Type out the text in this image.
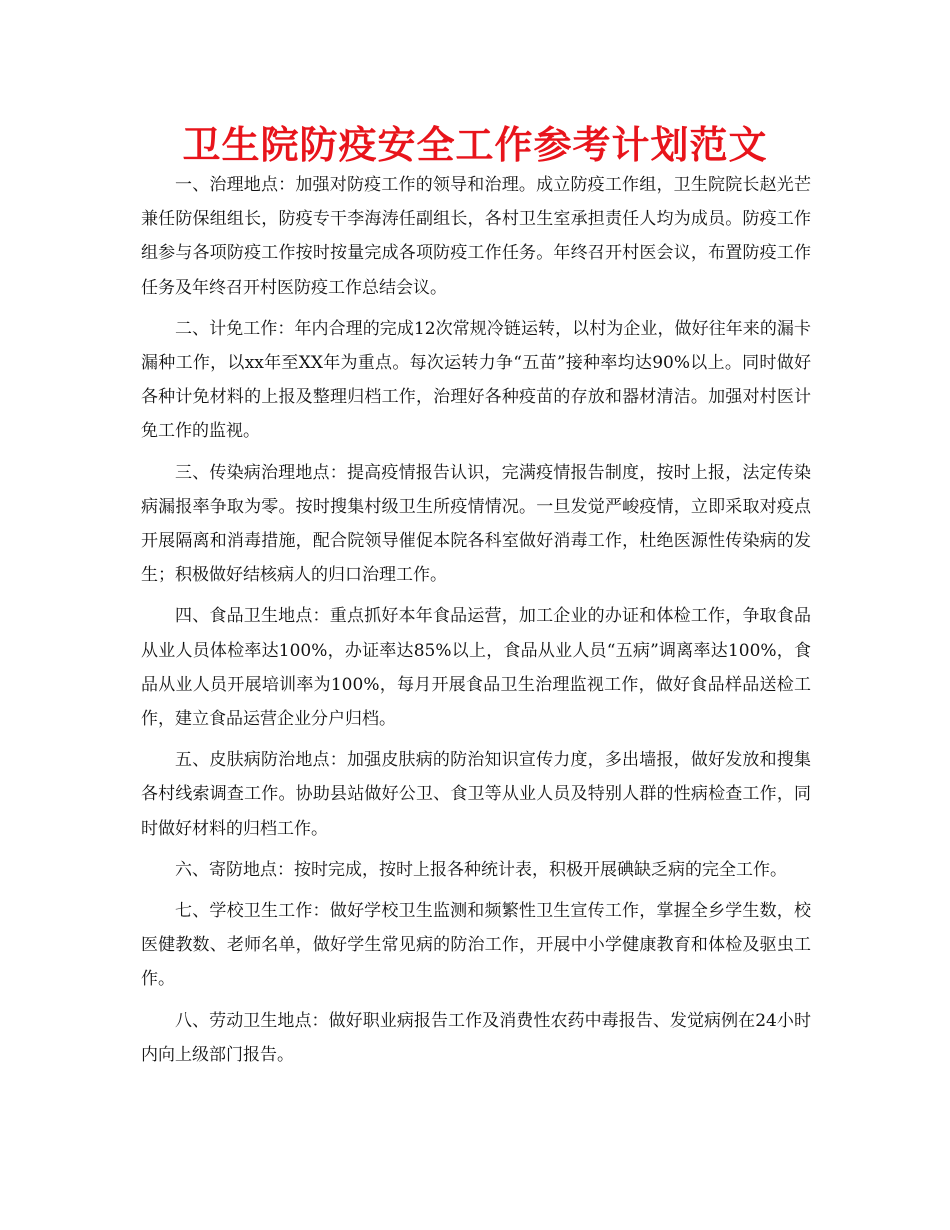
卫生院防疫安全工作参考计划范文

一、治理地点：加强对防疫工作的领导和治理。成立防疫工作组，卫生院院长赵光芒兼任防保组组长，防疫专干李海涛任副组长，各村卫生室承担责任人均为成员。防疫工作组参与各项防疫工作按时按量完成各项防疫工作任务。年终召开村医会议，布置防疫工作任务及年终召开村医防疫工作总结会议。

二、计免工作：年内合理的完成12次常规冷链运转，以村为企业，做好往年来的漏卡漏种工作，以xx年至XX年为重点。每次运转力争“五苗”接种率均达90%以上。同时做好各种计免材料的上报及整理归档工作，治理好各种疫苗的存放和器材清洁。加强对村医计免工作的监视。

三、传染病治理地点：提高疫情报告认识，完满疫情报告制度，按时上报，法定传染病漏报率争取为零。按时搜集村级卫生所疫情情况。一旦发觉严峻疫情，立即采取对疫点开展隔离和消毒措施，配合院领导催促本院各科室做好消毒工作，杜绝医源性传染病的发生；积极做好结核病人的归口治理工作。

四、食品卫生地点：重点抓好本年食品运营，加工企业的办证和体检工作，争取食品从业人员体检率达100%，办证率达85%以上，食品从业人员“五病”调离率达100%，食品从业人员开展培训率为100%，每月开展食品卫生治理监视工作，做好食品样品送检工作，建立食品运营企业分户归档。

五、皮肤病防治地点：加强皮肤病的防治知识宣传力度，多出墙报，做好发放和搜集各村线索调查工作。协助县站做好公卫、食卫等从业人员及特别人群的性病检查工作，同时做好材料的归档工作。

六、寄防地点：按时完成，按时上报各种统计表，积极开展碘缺乏病的完全工作。

七、学校卫生工作：做好学校卫生监测和频繁性卫生宣传工作，掌握全乡学生数，校医健教数、老师名单，做好学生常见病的防治工作，开展中小学健康教育和体检及驱虫工作。

八、劳动卫生地点：做好职业病报告工作及消费性农药中毒报告、发觉病例在24小时内向上级部门报告。
